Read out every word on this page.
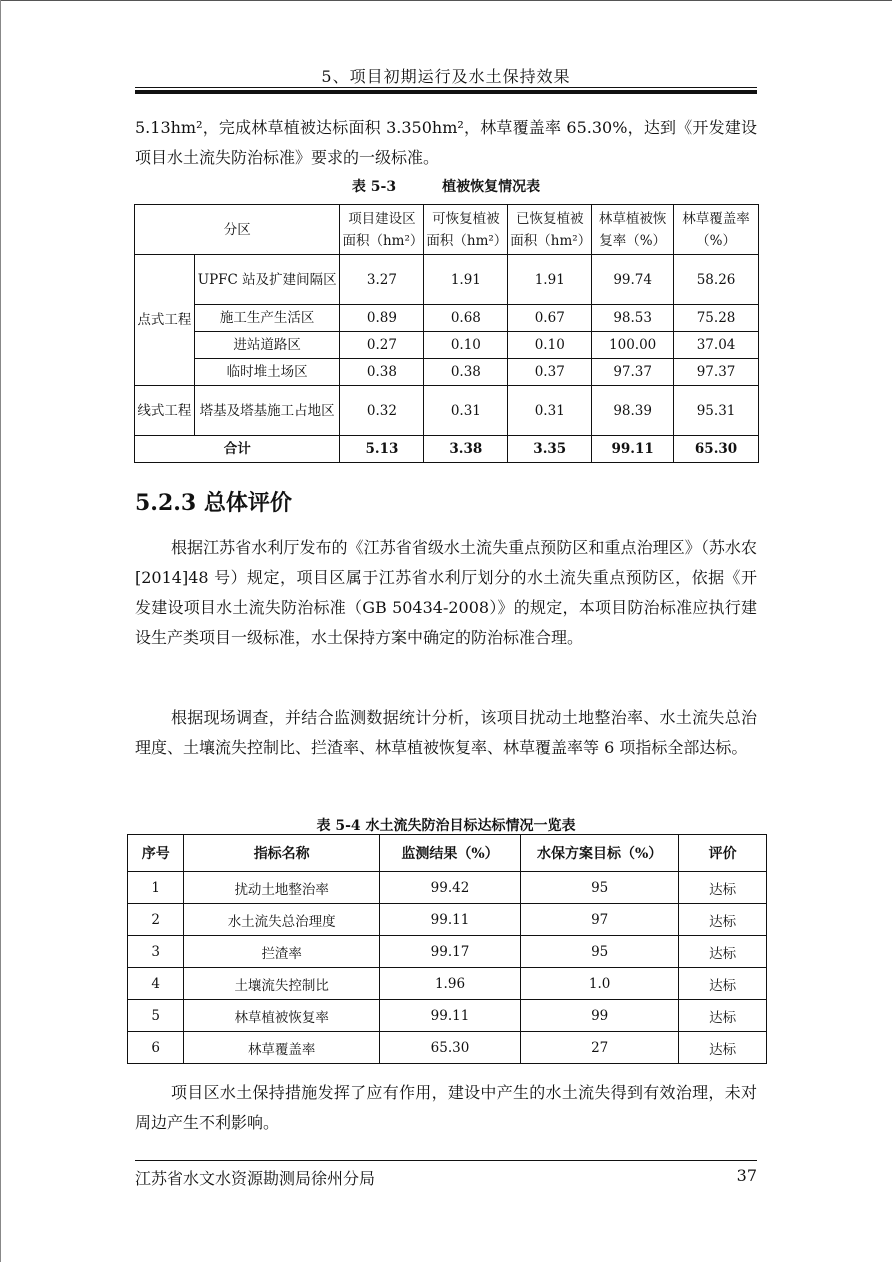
5、项目初期运行及水土保持效果

5.13hm²，完成林草植被达标面积 3.350hm²，林草覆盖率 65.30%，达到《开发建设项目水土流失防治标准》要求的一级标准。

表 5-3	植被恢复情况表
分区		项目建设区面积（hm²）	可恢复植被面积（hm²）	已恢复植被面积（hm²）	林草植被恢复率（%）	林草覆盖率（%）
点式工程	UPFC 站及扩建间隔区	3.27	1.91	1.91	99.74	58.26
	施工生产生活区	0.89	0.68	0.67	98.53	75.28
	进站道路区	0.27	0.10	0.10	100.00	37.04
	临时堆土场区	0.38	0.38	0.37	97.37	97.37
线式工程	塔基及塔基施工占地区	0.32	0.31	0.31	98.39	95.31
合计		5.13	3.38	3.35	99.11	65.30
5.2.3 总体评价

根据江苏省水利厅发布的《江苏省省级水土流失重点预防区和重点治理区》（苏水农[2014]48 号）规定，项目区属于江苏省水利厅划分的水土流失重点预防区，依据《开发建设项目水土流失防治标准（GB 50434-2008）》的规定，本项目防治标准应执行建设生产类项目一级标准，水土保持方案中确定的防治标准合理。

根据现场调查，并结合监测数据统计分析，该项目扰动土地整治率、水土流失总治理度、土壤流失控制比、拦渣率、林草植被恢复率、林草覆盖率等 6 项指标全部达标。

表 5-4 水土流失防治目标达标情况一览表
序号	指标名称	监测结果（%）	水保方案目标（%）	评价
1	扰动土地整治率	99.42	95	达标
2	水土流失总治理度	99.11	97	达标
3	拦渣率	99.17	95	达标
4	土壤流失控制比	1.96	1.0	达标
5	林草植被恢复率	99.11	99	达标
6	林草覆盖率	65.30	27	达标

项目区水土保持措施发挥了应有作用，建设中产生的水土流失得到有效治理，未对周边产生不利影响。

江苏省水文水资源勘测局徐州分局	37
